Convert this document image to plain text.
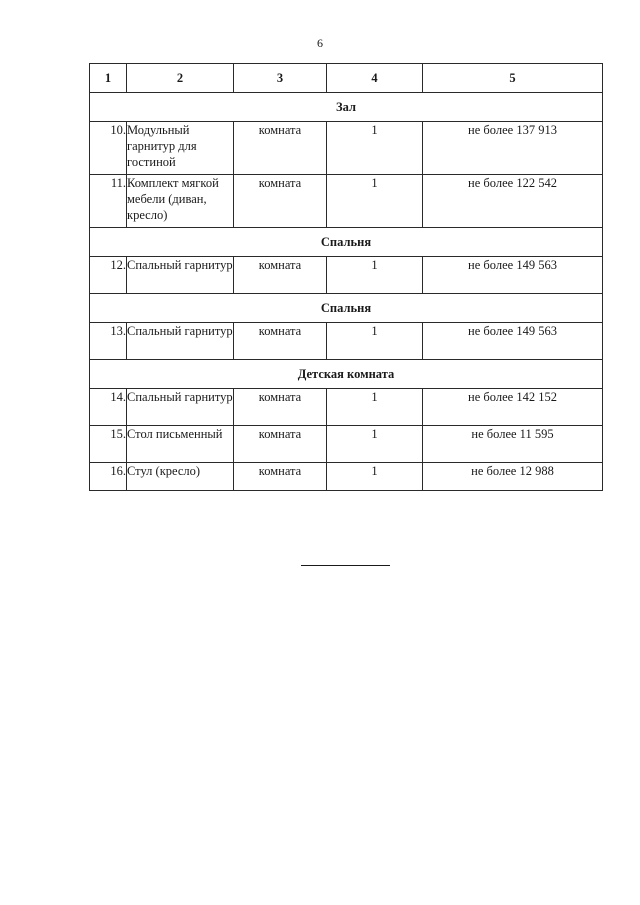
6
1	2	3	4	5
Зал				
10.	Модульный гарнитур для гостиной	комната	1	не более 137 913
11.	Комплект мягкой мебели (диван, кресло)	комната	1	не более 122 542
Спальня				
12.	Спальный гарнитур	комната	1	не более 149 563
Спальня				
13.	Спальный гарнитур	комната	1	не более 149 563
Детская комната				
14.	Спальный гарнитур	комната	1	не более 142 152
15.	Стол письменный	комната	1	не более 11 595
16.	Стул (кресло)	комната	1	не более 12 988
